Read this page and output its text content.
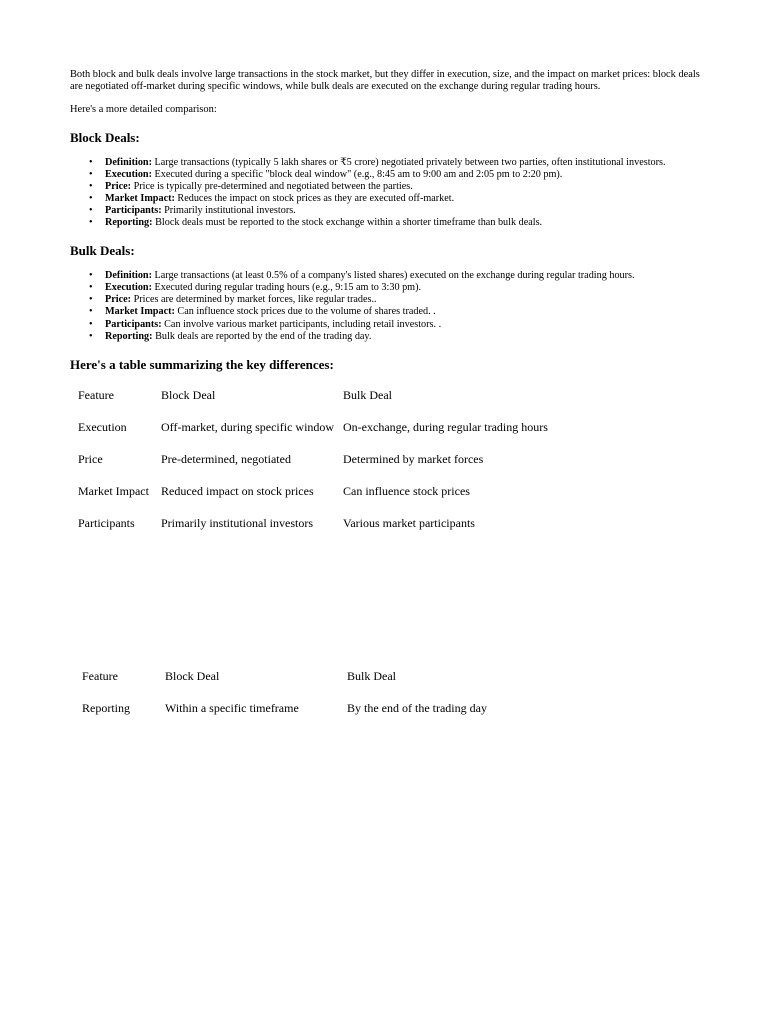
Both block and bulk deals involve large transactions in the stock market, but they differ in execution, size, and the impact on market prices: block deals are negotiated off-market during specific windows, while bulk deals are executed on the exchange during regular trading hours.

Here's a more detailed comparison:

Block Deals:
• Definition: Large transactions (typically 5 lakh shares or ₹5 crore) negotiated privately between two parties, often institutional investors.
• Execution: Executed during a specific "block deal window" (e.g., 8:45 am to 9:00 am and 2:05 pm to 2:20 pm).
• Price: Price is typically pre-determined and negotiated between the parties.
• Market Impact: Reduces the impact on stock prices as they are executed off-market.
• Participants: Primarily institutional investors.
• Reporting: Block deals must be reported to the stock exchange within a shorter timeframe than bulk deals.
Bulk Deals:
• Definition: Large transactions (at least 0.5% of a company's listed shares) executed on the exchange during regular trading hours.
• Execution: Executed during regular trading hours (e.g., 9:15 am to 3:30 pm).
• Price: Prices are determined by market forces, like regular trades..
• Market Impact: Can influence stock prices due to the volume of shares traded. .
• Participants: Can involve various market participants, including retail investors. .
• Reporting: Bulk deals are reported by the end of the trading day.
Here's a table summarizing the key differences:
Feature	Block Deal	Bulk Deal
Execution	Off-market, during specific window	On-exchange, during regular trading hours
Price	Pre-determined, negotiated	Determined by market forces
Market Impact	Reduced impact on stock prices	Can influence stock prices
Participants	Primarily institutional investors	Various market participants
Feature	Block Deal	Bulk Deal
Reporting	Within a specific timeframe	By the end of the trading day
